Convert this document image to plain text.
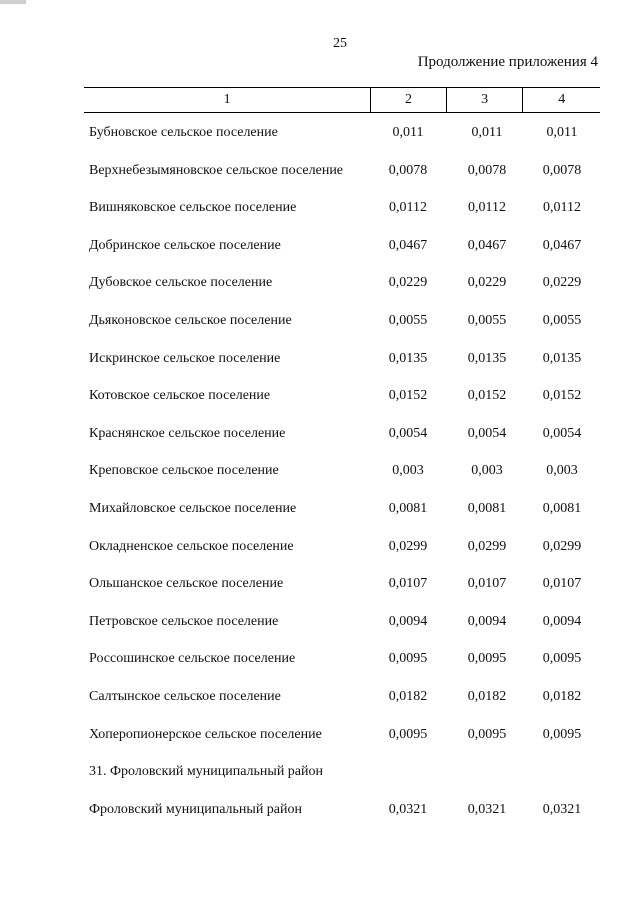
25
Продолжение приложения 4
1	2	3	4
Бубновское сельское поселение	0,011	0,011	0,011
Верхнебезымяновское сельское поселение	0,0078	0,0078	0,0078
Вишняковское сельское поселение	0,0112	0,0112	0,0112
Добринское сельское поселение	0,0467	0,0467	0,0467
Дубовское сельское поселение	0,0229	0,0229	0,0229
Дьяконовское сельское поселение	0,0055	0,0055	0,0055
Искринское сельское поселение	0,0135	0,0135	0,0135
Котовское сельское поселение	0,0152	0,0152	0,0152
Краснянское сельское поселение	0,0054	0,0054	0,0054
Креповское сельское поселение	0,003	0,003	0,003
Михайловское сельское поселение	0,0081	0,0081	0,0081
Окладненское сельское поселение	0,0299	0,0299	0,0299
Ольшанское сельское поселение	0,0107	0,0107	0,0107
Петровское сельское поселение	0,0094	0,0094	0,0094
Россошинское сельское поселение	0,0095	0,0095	0,0095
Салтынское сельское поселение	0,0182	0,0182	0,0182
Хоперопионерское сельское поселение	0,0095	0,0095	0,0095
31. Фроловский муниципальный район
Фроловский муниципальный район	0,0321	0,0321	0,0321
